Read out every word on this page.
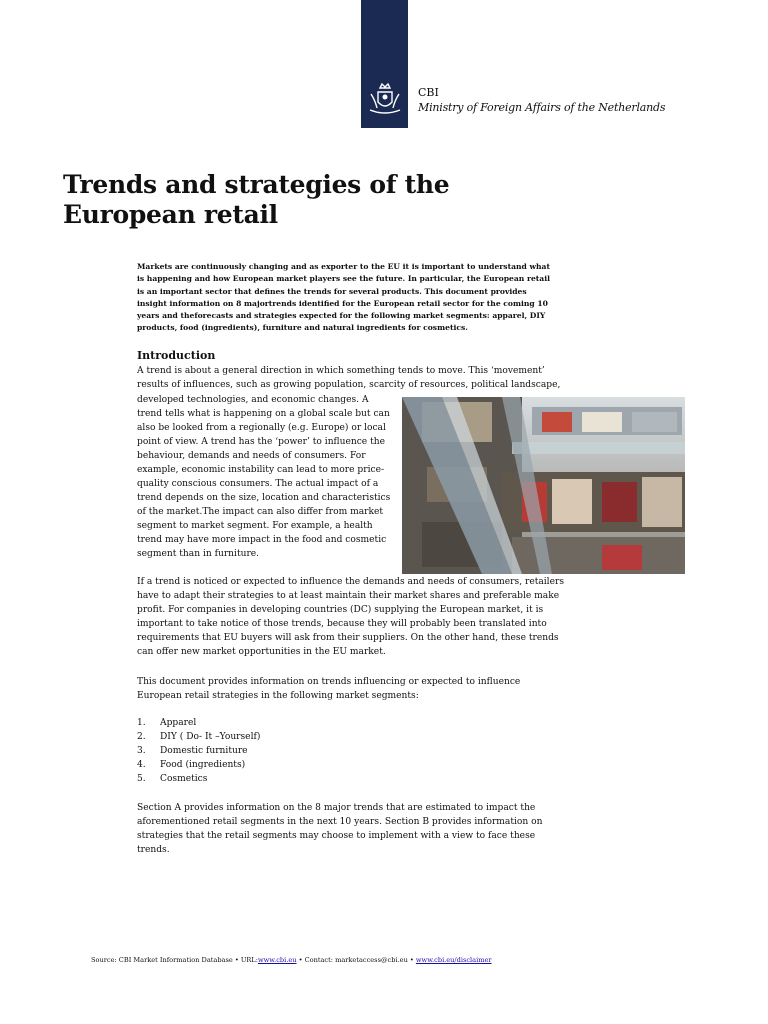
CBI
Ministry of Foreign Affairs of the Netherlands
Trends and strategies of the European retail

Markets are continuously changing and as exporter to the EU it is important to understand what is happening and how European market players see the future. In particular, the European retail is an important sector that defines the trends for several products. This document provides insight information on 8 majortrends identified for the European retail sector for the coming 10 years and theforecasts and strategies expected for the following market segments: apparel, DIY products, food (ingredients), furniture and natural ingredients for cosmetics.

Introduction

A trend is about a general direction in which something tends to move. This ‘movement’ results of influences, such as growing population, scarcity of resources, political landscape,

developed technologies, and economic changes. A trend tells what is happening on a global scale but can also be looked from a regionally (e.g. Europe) or local point of view. A trend has the ‘power’ to influence the behaviour, demands and needs of consumers. For example, economic instability can lead to more price-quality conscious consumers. The actual impact of a trend depends on the size, location and characteristics of the market.The impact can also differ from market segment to market segment. For example, a health trend may have more impact in the food and cosmetic segment than in furniture.

If a trend is noticed or expected to influence the demands and needs of consumers, retailers have to adapt their strategies to at least maintain their market shares and preferable make profit. For companies in developing countries (DC) supplying the European market, it is important to take notice of those trends, because they will probably been translated into requirements that EU buyers will ask from their suppliers. On the other hand, these trends can offer new market opportunities in the EU market.

This document provides information on trends influencing or expected to influence European retail strategies in the following market segments:

1.	Apparel
2.	DIY ( Do- It –Yourself)
3.	Domestic furniture
4.	Food (ingredients)
5.	Cosmetics

Section A provides information on the 8 major trends that are estimated to impact the aforementioned retail segments in the next 10 years. Section B provides information on strategies that the retail segments may choose to implement with a view to face these trends.

Source: CBI Market Information Database • URL:www.cbi.eu • Contact: marketaccess@cbi.eu • www.cbi.eu/disclaimer
